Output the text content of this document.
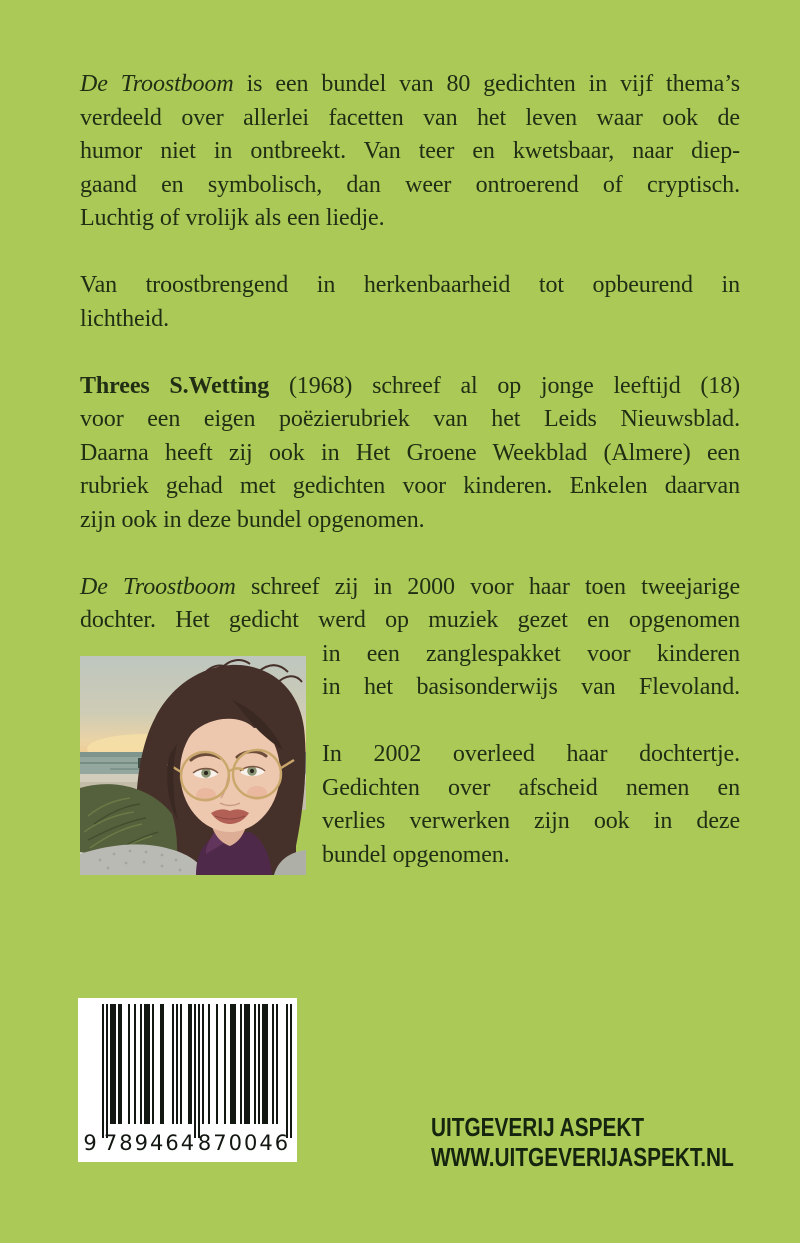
De Troostboom is een bundel van 80 gedichten in vijf thema’s
verdeeld over allerlei facetten van het leven waar ook de
humor niet in ontbreekt. Van teer en kwetsbaar, naar diep-
gaand en symbolisch, dan weer ontroerend of cryptisch.
Luchtig of vrolijk als een liedje.
Van troostbrengend in herkenbaarheid tot opbeurend in
lichtheid.
Threes S.Wetting (1968) schreef al op jonge leeftijd (18)
voor een eigen poëzierubriek van het Leids Nieuwsblad.
Daarna heeft zij ook in Het Groene Weekblad (Almere) een
rubriek gehad met gedichten voor kinderen. Enkelen daarvan
zijn ook in deze bundel opgenomen.
De Troostboom schreef zij in 2000 voor haar toen tweejarige
dochter. Het gedicht werd op muziek gezet en opgenomen
in een zanglespakket voor kinderen
in het basisonderwijs van Flevoland.
In 2002 overleed haar dochtertje.
Gedichten over afscheid nemen en
verlies verwerken zijn ook in deze
bundel opgenomen.
9 789464 870046
UITGEVERIJ ASPEKT
WWW.UITGEVERIJASPEKT.NL
